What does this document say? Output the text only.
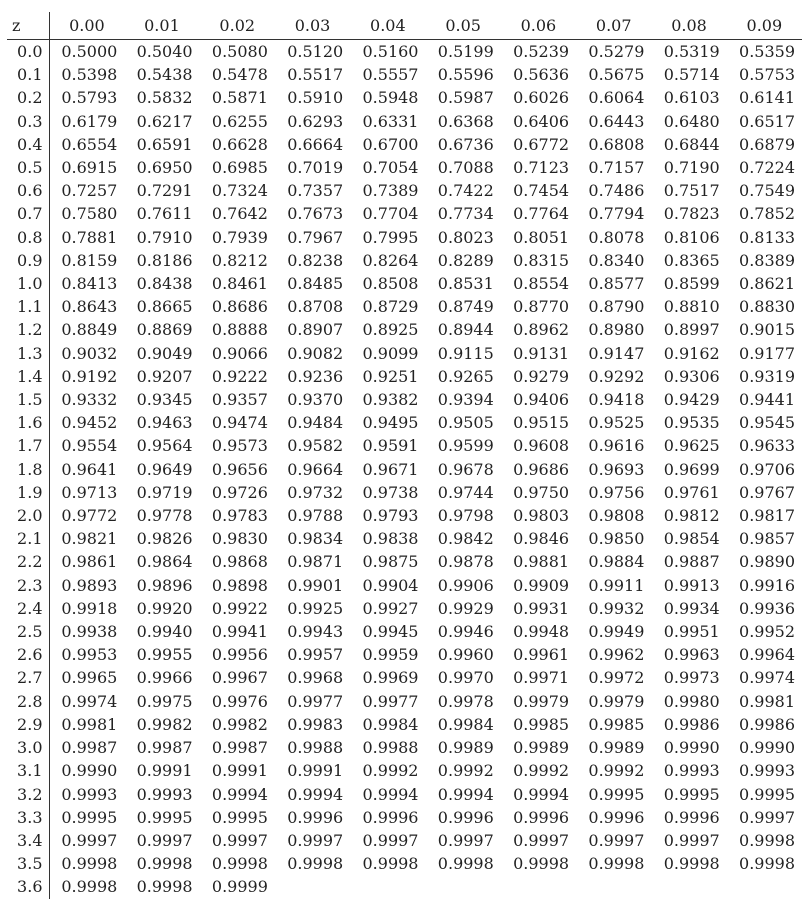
z	0.00	0.01	0.02	0.03	0.04	0.05	0.06	0.07	0.08	0.09
0.0	0.5000	0.5040	0.5080	0.5120	0.5160	0.5199	0.5239	0.5279	0.5319	0.5359
0.1	0.5398	0.5438	0.5478	0.5517	0.5557	0.5596	0.5636	0.5675	0.5714	0.5753
0.2	0.5793	0.5832	0.5871	0.5910	0.5948	0.5987	0.6026	0.6064	0.6103	0.6141
0.3	0.6179	0.6217	0.6255	0.6293	0.6331	0.6368	0.6406	0.6443	0.6480	0.6517
0.4	0.6554	0.6591	0.6628	0.6664	0.6700	0.6736	0.6772	0.6808	0.6844	0.6879
0.5	0.6915	0.6950	0.6985	0.7019	0.7054	0.7088	0.7123	0.7157	0.7190	0.7224
0.6	0.7257	0.7291	0.7324	0.7357	0.7389	0.7422	0.7454	0.7486	0.7517	0.7549
0.7	0.7580	0.7611	0.7642	0.7673	0.7704	0.7734	0.7764	0.7794	0.7823	0.7852
0.8	0.7881	0.7910	0.7939	0.7967	0.7995	0.8023	0.8051	0.8078	0.8106	0.8133
0.9	0.8159	0.8186	0.8212	0.8238	0.8264	0.8289	0.8315	0.8340	0.8365	0.8389
1.0	0.8413	0.8438	0.8461	0.8485	0.8508	0.8531	0.8554	0.8577	0.8599	0.8621
1.1	0.8643	0.8665	0.8686	0.8708	0.8729	0.8749	0.8770	0.8790	0.8810	0.8830
1.2	0.8849	0.8869	0.8888	0.8907	0.8925	0.8944	0.8962	0.8980	0.8997	0.9015
1.3	0.9032	0.9049	0.9066	0.9082	0.9099	0.9115	0.9131	0.9147	0.9162	0.9177
1.4	0.9192	0.9207	0.9222	0.9236	0.9251	0.9265	0.9279	0.9292	0.9306	0.9319
1.5	0.9332	0.9345	0.9357	0.9370	0.9382	0.9394	0.9406	0.9418	0.9429	0.9441
1.6	0.9452	0.9463	0.9474	0.9484	0.9495	0.9505	0.9515	0.9525	0.9535	0.9545
1.7	0.9554	0.9564	0.9573	0.9582	0.9591	0.9599	0.9608	0.9616	0.9625	0.9633
1.8	0.9641	0.9649	0.9656	0.9664	0.9671	0.9678	0.9686	0.9693	0.9699	0.9706
1.9	0.9713	0.9719	0.9726	0.9732	0.9738	0.9744	0.9750	0.9756	0.9761	0.9767
2.0	0.9772	0.9778	0.9783	0.9788	0.9793	0.9798	0.9803	0.9808	0.9812	0.9817
2.1	0.9821	0.9826	0.9830	0.9834	0.9838	0.9842	0.9846	0.9850	0.9854	0.9857
2.2	0.9861	0.9864	0.9868	0.9871	0.9875	0.9878	0.9881	0.9884	0.9887	0.9890
2.3	0.9893	0.9896	0.9898	0.9901	0.9904	0.9906	0.9909	0.9911	0.9913	0.9916
2.4	0.9918	0.9920	0.9922	0.9925	0.9927	0.9929	0.9931	0.9932	0.9934	0.9936
2.5	0.9938	0.9940	0.9941	0.9943	0.9945	0.9946	0.9948	0.9949	0.9951	0.9952
2.6	0.9953	0.9955	0.9956	0.9957	0.9959	0.9960	0.9961	0.9962	0.9963	0.9964
2.7	0.9965	0.9966	0.9967	0.9968	0.9969	0.9970	0.9971	0.9972	0.9973	0.9974
2.8	0.9974	0.9975	0.9976	0.9977	0.9977	0.9978	0.9979	0.9979	0.9980	0.9981
2.9	0.9981	0.9982	0.9982	0.9983	0.9984	0.9984	0.9985	0.9985	0.9986	0.9986
3.0	0.9987	0.9987	0.9987	0.9988	0.9988	0.9989	0.9989	0.9989	0.9990	0.9990
3.1	0.9990	0.9991	0.9991	0.9991	0.9992	0.9992	0.9992	0.9992	0.9993	0.9993
3.2	0.9993	0.9993	0.9994	0.9994	0.9994	0.9994	0.9994	0.9995	0.9995	0.9995
3.3	0.9995	0.9995	0.9995	0.9996	0.9996	0.9996	0.9996	0.9996	0.9996	0.9997
3.4	0.9997	0.9997	0.9997	0.9997	0.9997	0.9997	0.9997	0.9997	0.9997	0.9998
3.5	0.9998	0.9998	0.9998	0.9998	0.9998	0.9998	0.9998	0.9998	0.9998	0.9998
3.6	0.9998	0.9998	0.9999							
